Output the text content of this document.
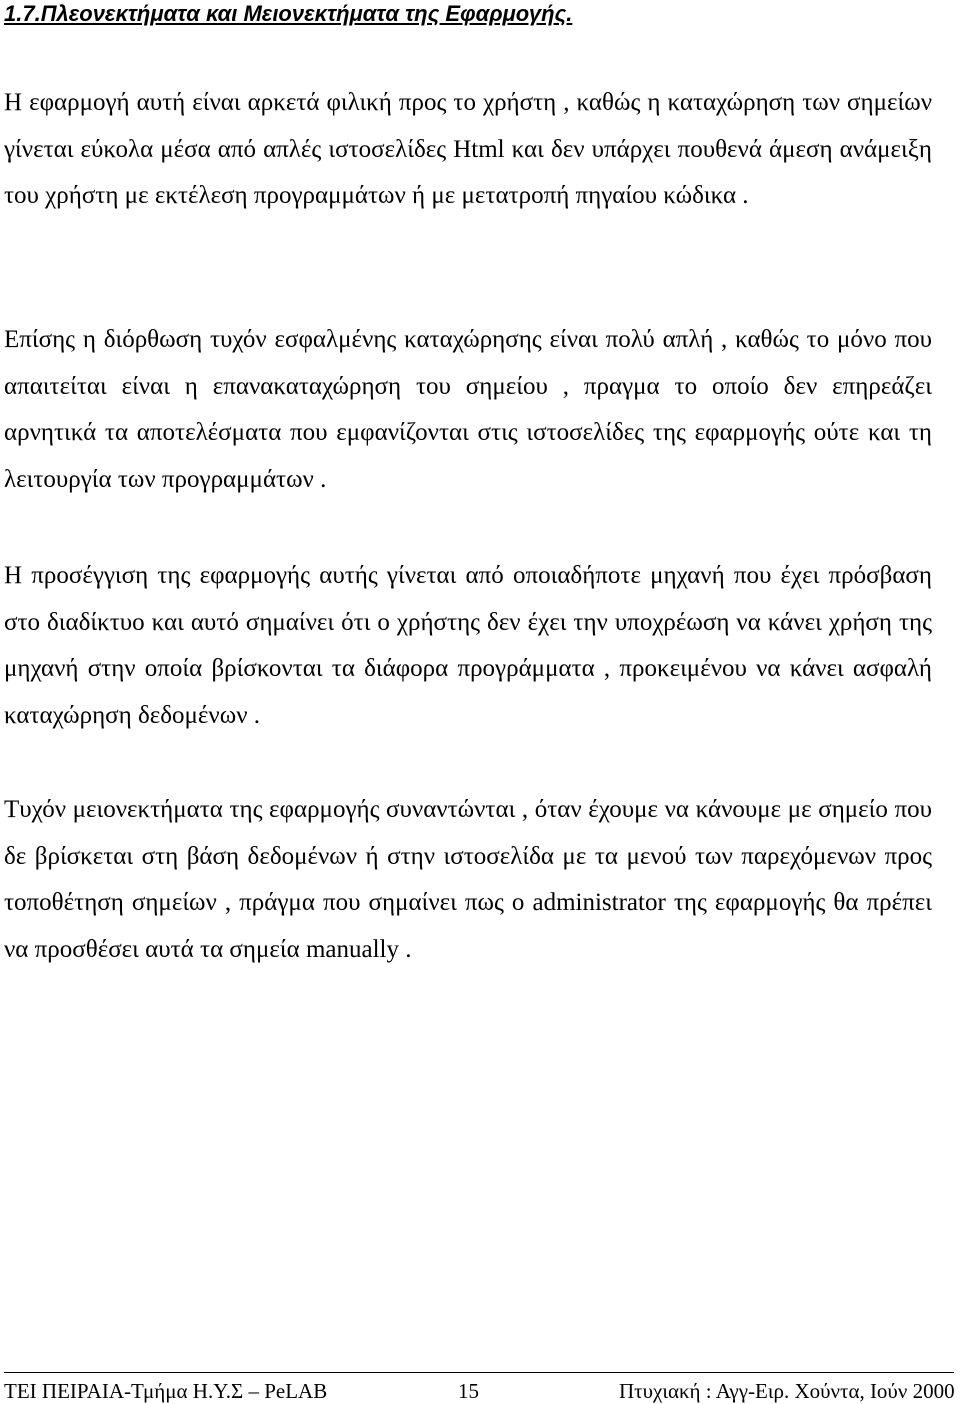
1.7.Πλεονεκτήματα και Μειονεκτήματα της Εφαρμογής.

Η εφαρμογή αυτή είναι αρκετά φιλική προς το χρήστη , καθώς η καταχώρηση των σημείων γίνεται εύκολα μέσα από απλές ιστοσελίδες Html και δεν υπάρχει πουθενά άμεση ανάμειξη του χρήστη με εκτέλεση προγραμμάτων ή με μετατροπή πηγαίου κώδικα .

Επίσης η διόρθωση τυχόν εσφαλμένης καταχώρησης είναι πολύ απλή , καθώς το μόνο που απαιτείται είναι η επανακαταχώρηση του σημείου , πραγμα το οποίο δεν επηρεάζει αρνητικά τα αποτελέσματα που εμφανίζονται στις ιστοσελίδες της εφαρμογής ούτε και τη λειτουργία των προγραμμάτων .

Η προσέγγιση της εφαρμογής αυτής γίνεται από οποιαδήποτε μηχανή που έχει πρόσβαση στο διαδίκτυο και αυτό σημαίνει ότι ο χρήστης δεν έχει την υποχρέωση να κάνει χρήση της μηχανή στην οποία βρίσκονται τα διάφορα προγράμματα , προκειμένου να κάνει ασφαλή καταχώρηση δεδομένων .

Τυχόν μειονεκτήματα της εφαρμογής συναντώνται , όταν έχουμε να κάνουμε με σημείο που δε βρίσκεται στη βάση δεδομένων ή στην ιστοσελίδα με τα μενού των παρεχόμενων προς τοποθέτηση σημείων , πράγμα που σημαίνει πως ο administrator της εφαρμογής θα πρέπει να προσθέσει αυτά τα σημεία manually .

ΤΕΙ ΠΕΙΡΑΙΑ-Τμήμα Η.Υ.Σ – PeLAB	15	Πτυχιακή : Αγγ-Ειρ. Χούντα, Ιούν 2000
